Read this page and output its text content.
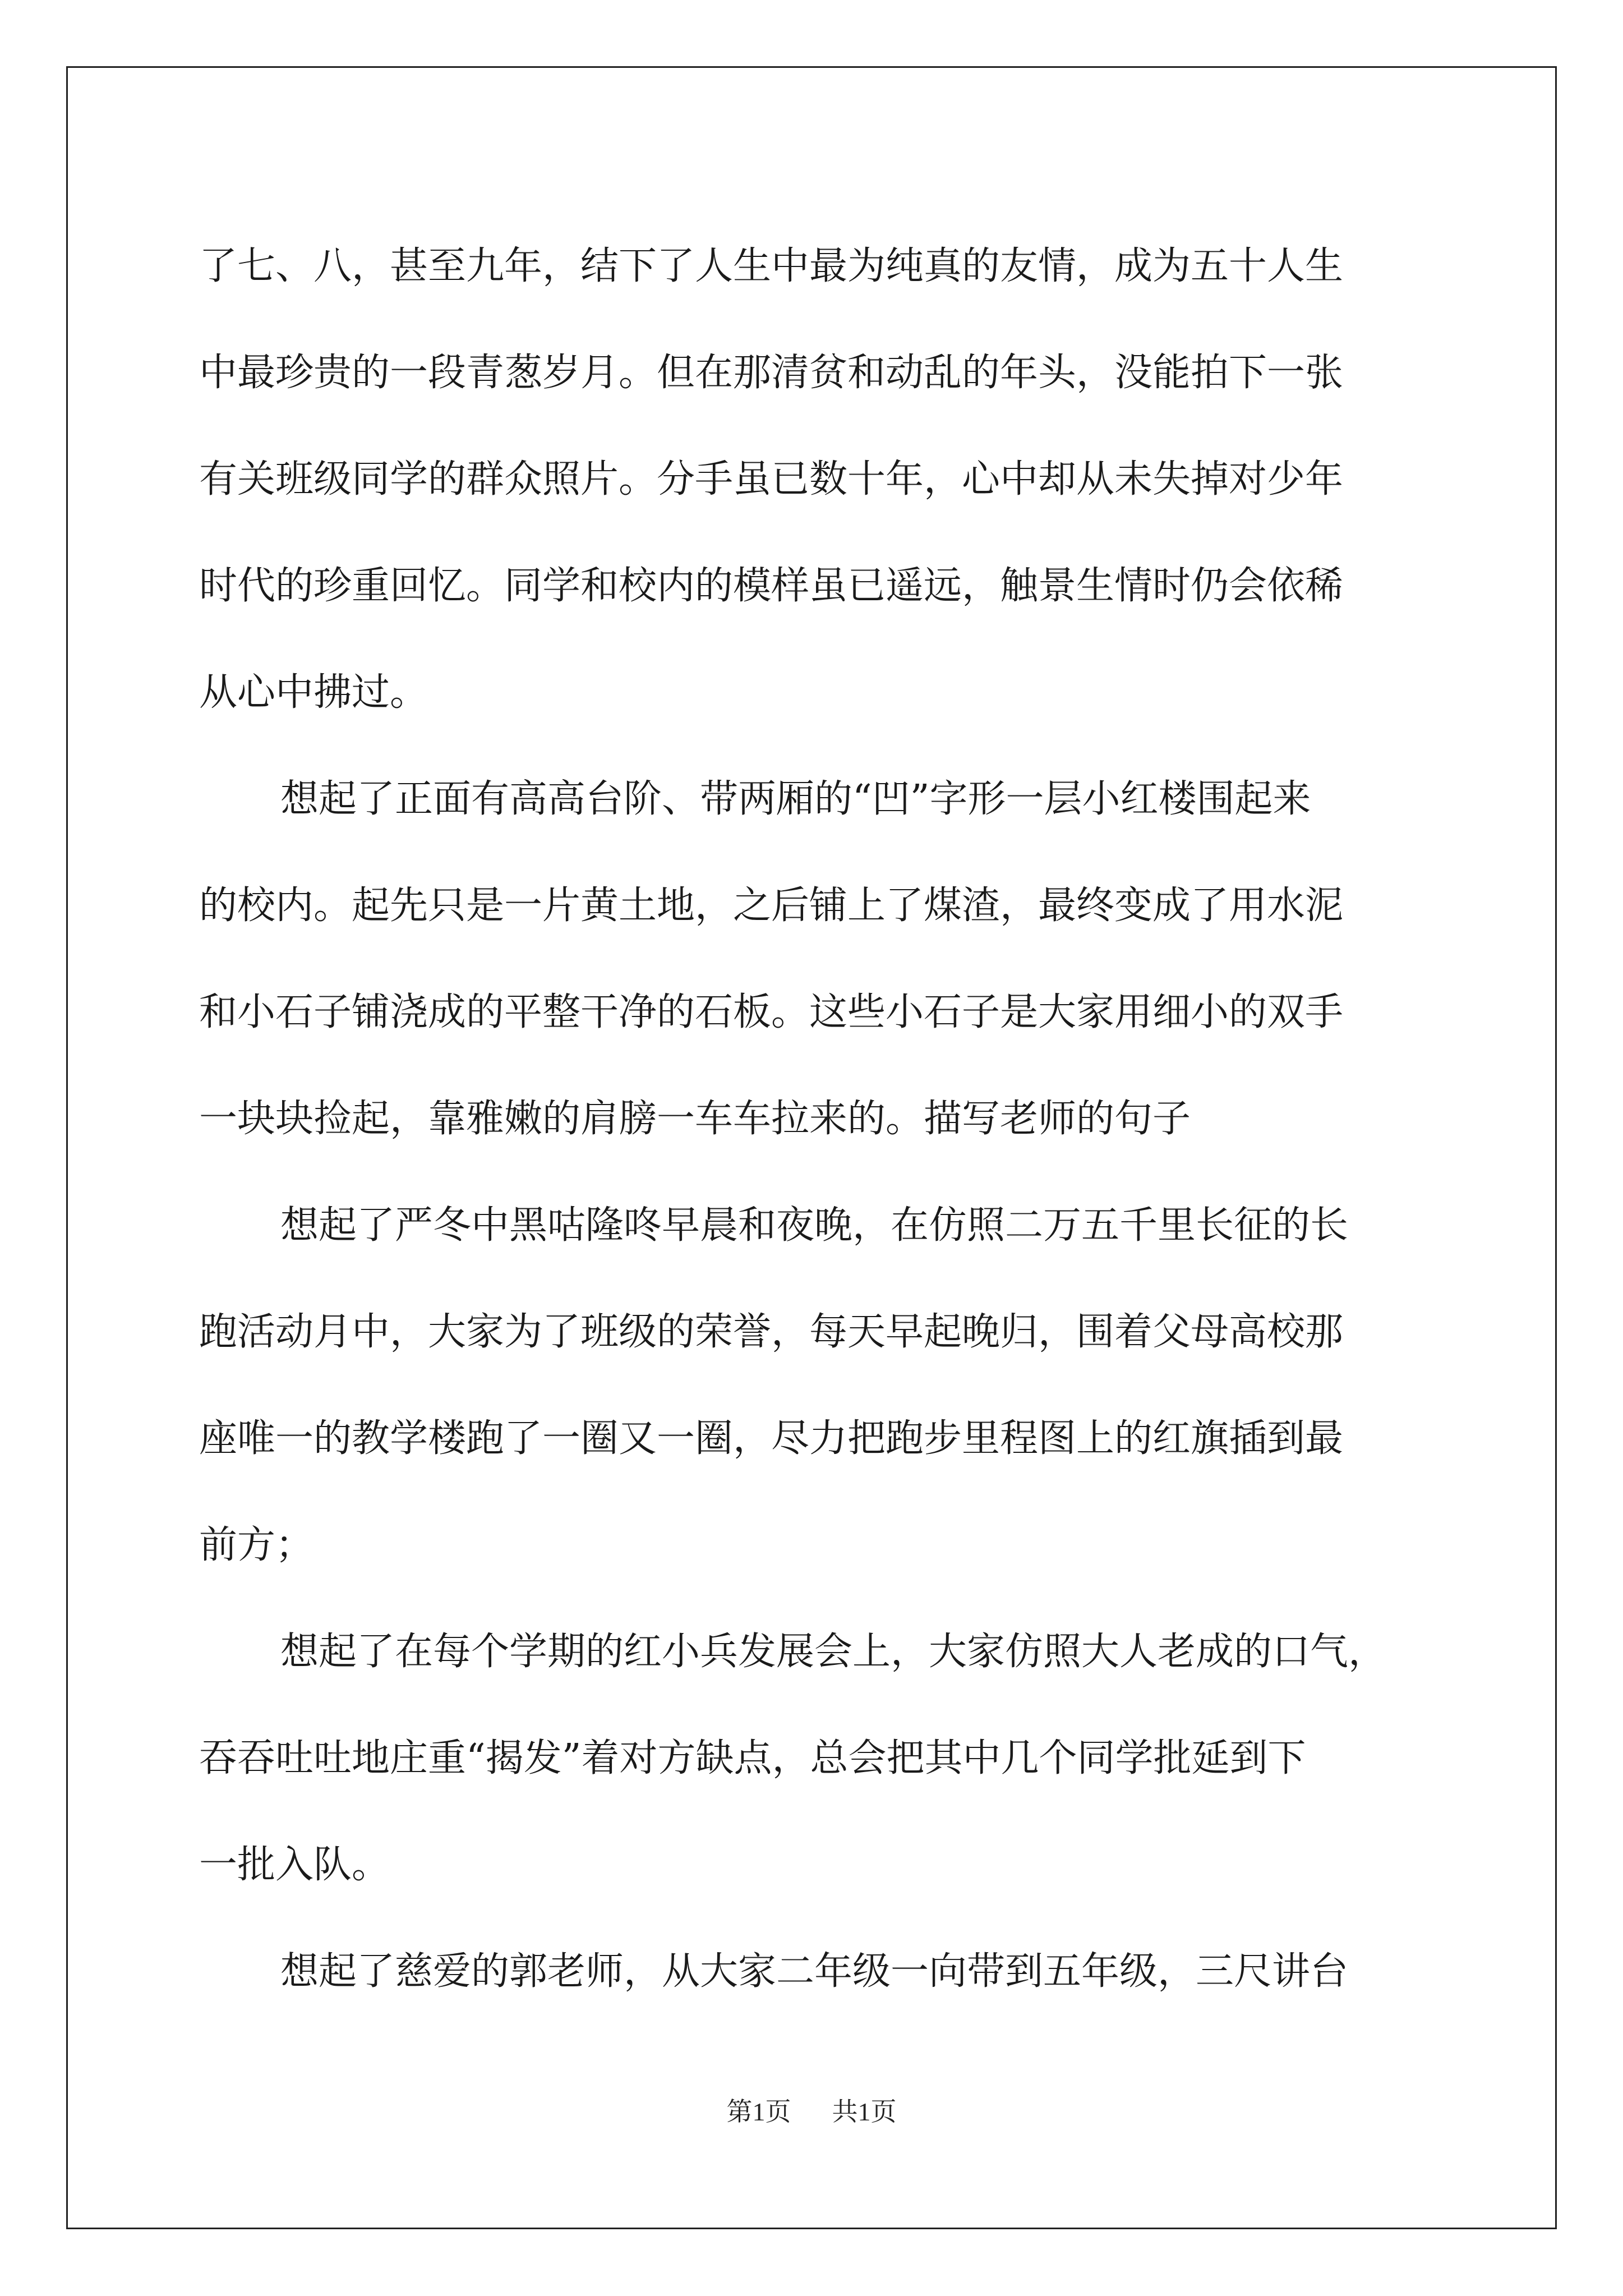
了七、八，甚至九年，结下了人生中最为纯真的友情，成为五十人生
中最珍贵的一段青葱岁月。但在那清贫和动乱的年头，没能拍下一张
有关班级同学的群众照片。分手虽已数十年，心中却从未失掉对少年
时代的珍重回忆。同学和校内的模样虽已遥远，触景生情时仍会依稀
从心中拂过。
想起了正面有高高台阶、带两厢的“凹”字形一层小红楼围起来
的校内。起先只是一片黄土地，之后铺上了煤渣，最终变成了用水泥
和小石子铺浇成的平整干净的石板。这些小石子是大家用细小的双手
一块块捡起，靠雅嫩的肩膀一车车拉来的。描写老师的句子
想起了严冬中黑咕隆咚早晨和夜晚，在仿照二万五千里长征的长
跑活动月中，大家为了班级的荣誉，每天早起晚归，围着父母高校那
座唯一的教学楼跑了一圈又一圈，尽力把跑步里程图上的红旗插到最
前方；
想起了在每个学期的红小兵发展会上，大家仿照大人老成的口气，
吞吞吐吐地庄重“揭发”着对方缺点，总会把其中几个同学批延到下
一批入队。
想起了慈爱的郭老师，从大家二年级一向带到五年级，三尺讲台
第1页 共1页
